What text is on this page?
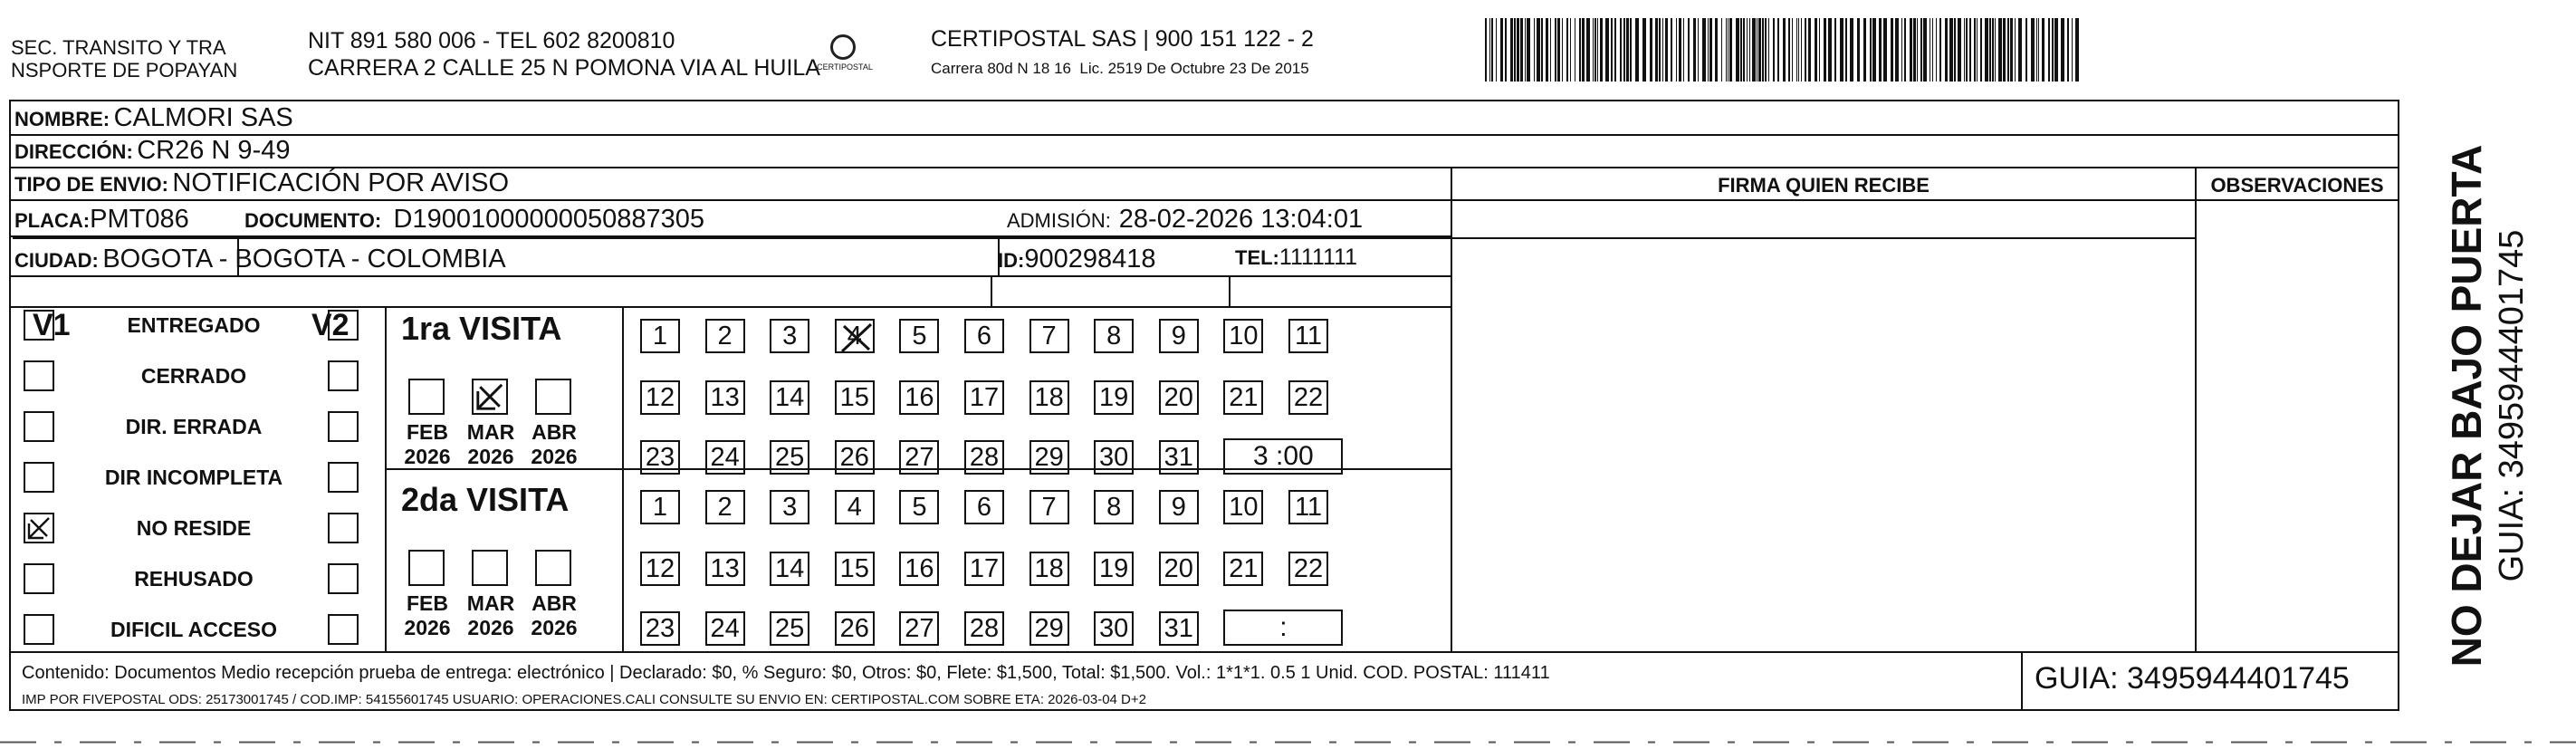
SEC. TRANSITO Y TRA
NSPORTE DE POPAYAN
NIT 891 580 006 - TEL 602 8200810
CARRERA 2 CALLE 25 N POMONA VIA AL HUILA
CERTIPOSTAL
CERTIPOSTAL SAS | 900 151 122 - 2
Carrera 80d N 18 16  Lic. 2519 De Octubre 23 De 2015
NOMBRE: CALMORI SAS
DIRECCIÓN: CR26 N 9-49
TIPO DE ENVIO: NOTIFICACIÓN POR AVISO
PLACA:PMT086	DOCUMENTO: D19001000000050887305	ADMISIÓN: 28-02-2026 13:04:01
CIUDAD: BOGOTA - BOGOTA - COLOMBIA	ID:900298418	TEL:1111111
FIRMA QUIEN RECIBE	OBSERVACIONES
V1	V2
ENTREGADO
CERRADO
DIR. ERRADA
DIR INCOMPLETA
NO RESIDE
REHUSADO
DIFICIL ACCESO
1ra VISITA
FEB
2026
MAR
2026
ABR
2026
1	2	3	4	5	6	7	8	9	10 11
12 13 14 15 16 17 18 19 20 21 22
23 24 25 26 27 28 29 30 31	3 :00
2da VISITA
FEB
2026
MAR
2026
ABR
2026
1	2	3	4	5	6	7	8	9	10 11
12 13 14 15 16 17 18 19 20 21 22
23 24 25 26 27 28 29 30 31	:
Contenido: Documentos Medio recepción prueba de entrega: electrónico | Declarado: $0, % Seguro: $0, Otros: $0, Flete: $1,500, Total: $1,500. Vol.: 1*1*1. 0.5 1 Unid. COD. POSTAL: 111411
IMP POR FIVEPOSTAL ODS: 25173001745 / COD.IMP: 54155601745 USUARIO: OPERACIONES.CALI CONSULTE SU ENVIO EN: CERTIPOSTAL.COM SOBRE ETA: 2026-03-04 D+2
GUIA: 3495944401745
NO DEJAR BAJO PUERTA GUIA: 3495944401745
